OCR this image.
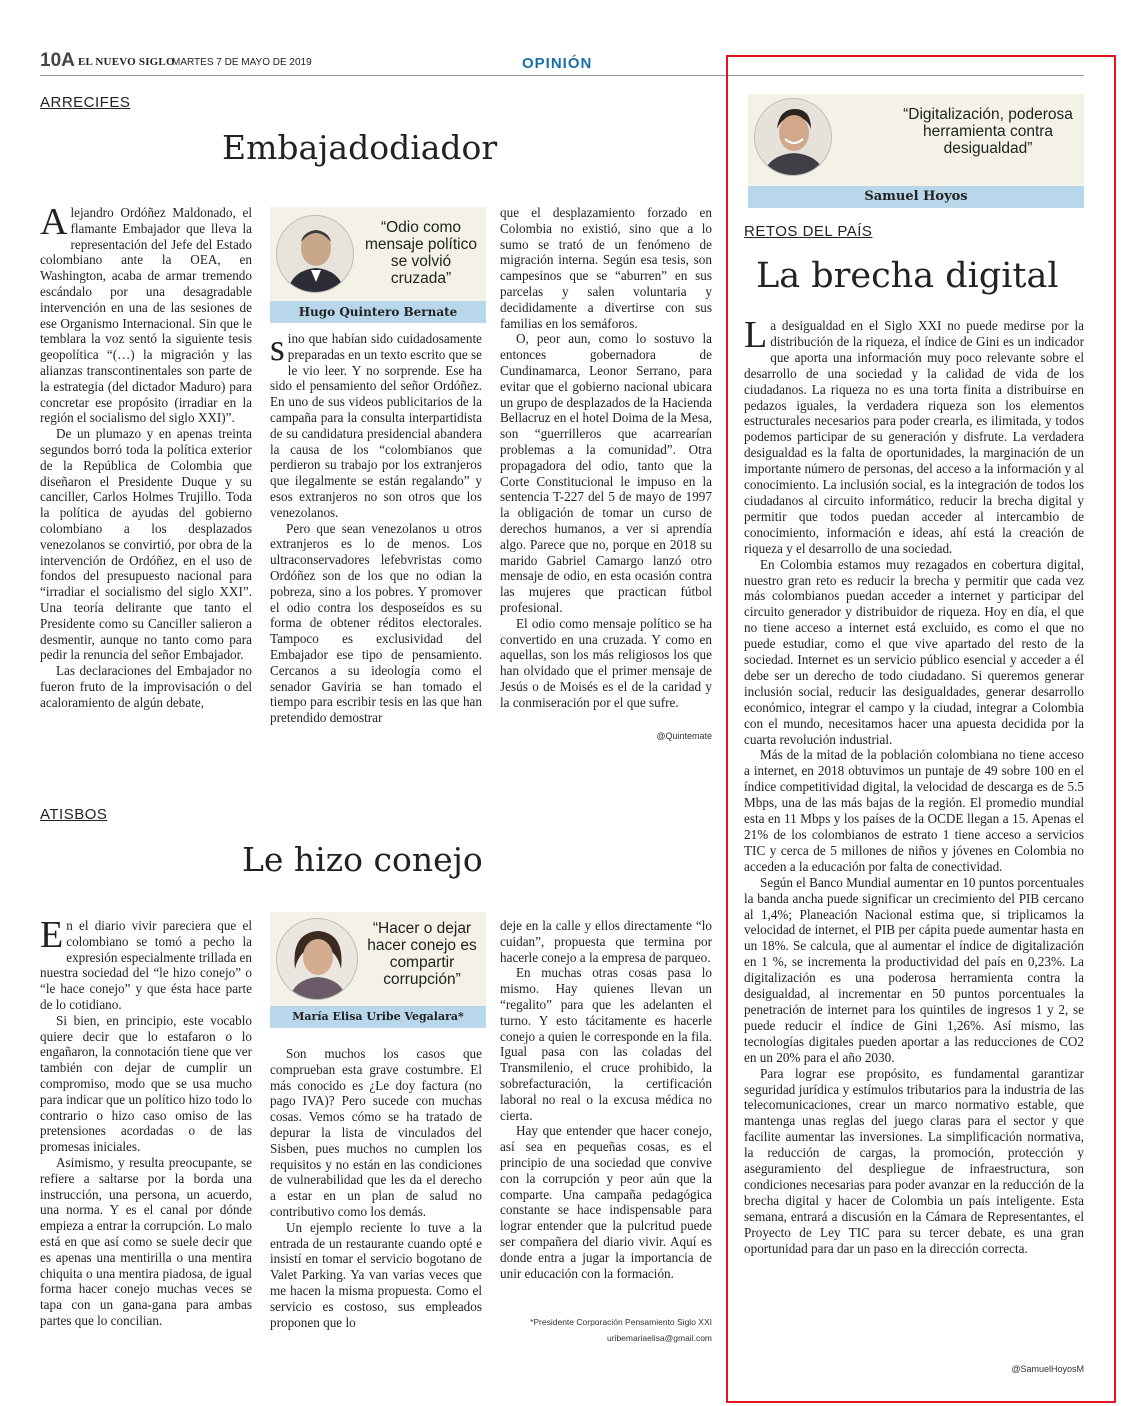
10A EL NUEVO SIGLO
MARTES 7 DE MAYO DE 2019	OPINIÓN
ARRECIFES
Embajadodiador

Alejandro Ordóñez Maldonado, el flamante Embajador que lleva la representación del Jefe del Estado colombiano ante la OEA, en Washington, acaba de armar tremendo escándalo por una desagradable intervención en una de las sesiones de ese Organismo Internacional. Sin que le temblara la voz sentó la siguiente tesis geopolítica “(…) la migración y las alianzas transcontinentales son parte de la estrategia (del dictador Maduro) para concretar ese propósito (irradiar en la región el socialismo del siglo XXI)”.

De un plumazo y en apenas treinta segundos borró toda la política exterior de la República de Colombia que diseñaron el Presidente Duque y su canciller, Carlos Holmes Trujillo. Toda la política de ayudas del gobierno colombiano a los desplazados venezolanos se convirtió, por obra de la intervención de Ordóñez, en el uso de fondos del presupuesto nacional para “irradiar el socialismo del siglo XXI”. Una teoría delirante que tanto el Presidente como su Canciller salieron a desmentir, aunque no tanto como para pedir la renuncia del señor Embajador.

Las declaraciones del Embajador no fueron fruto de la improvisación o del acaloramiento de algún debate,

“Odio como mensaje político se volvió cruzada”
Hugo Quintero Bernate

sino que habían sido cuidadosamente preparadas en un texto escrito que se le vio leer. Y no sorprende. Ese ha sido el pensamiento del señor Ordóñez. En uno de sus videos publicitarios de la campaña para la consulta interpartidista de su candidatura presidencial abandera la causa de los “colombianos que perdieron su trabajo por los extranjeros que ilegalmente se están regalando” y esos extranjeros no son otros que los venezolanos.

Pero que sean venezolanos u otros extranjeros es lo de menos. Los ultraconservadores lefebvristas como Ordóñez son de los que no odian la pobreza, sino a los pobres. Y promover el odio contra los desposeídos es su forma de obtener réditos electorales. Tampoco es exclusividad del Embajador ese tipo de pensamiento. Cercanos a su ideología como el senador Gaviria se han tomado el tiempo para escribir tesis en las que han pretendido demostrar

que el desplazamiento forzado en Colombia no existió, sino que a lo sumo se trató de un fenómeno de migración interna. Según esa tesis, son campesinos que se “aburren” en sus parcelas y salen voluntaria y decididamente a divertirse con sus familias en los semáforos.

O, peor aun, como lo sostuvo la entonces gobernadora de Cundinamarca, Leonor Serrano, para evitar que el gobierno nacional ubicara un grupo de desplazados de la Hacienda Bellacruz en el hotel Doima de la Mesa, son “guerrilleros que acarrearían problemas a la comunidad”. Otra propagadora del odio, tanto que la Corte Constitucional le impuso en la sentencia T-227 del 5 de mayo de 1997 la obligación de tomar un curso de derechos humanos, a ver si aprendía algo. Parece que no, porque en 2018 su marido Gabriel Camargo lanzó otro mensaje de odio, en esta ocasión contra las mujeres que practican fútbol profesional.

El odio como mensaje político se ha convertido en una cruzada. Y como en aquellas, son los más religiosos los que han olvidado que el primer mensaje de Jesús o de Moisés es el de la caridad y la conmiseración por el que sufre.

@Quintemate
ATISBOS
Le hizo conejo

En el diario vivir pareciera que el colombiano se tomó a pecho la expresión especialmente trillada en nuestra sociedad del “le hizo conejo” o “le hace conejo” y que ésta hace parte de lo cotidiano.

Si bien, en principio, este vocablo quiere decir que lo estafaron o lo engañaron, la connotación tiene que ver también con dejar de cumplir un compromiso, modo que se usa mucho para indicar que un político hizo todo lo contrario o hizo caso omiso de las pretensiones acordadas o de las promesas iniciales.

Asimismo, y resulta preocupante, se refiere a saltarse por la borda una instrucción, una persona, un acuerdo, una norma. Y es el canal por dónde empieza a entrar la corrupción. Lo malo está en que así como se suele decir que es apenas una mentirilla o una mentira chiquita o una mentira piadosa, de igual forma hacer conejo muchas veces se tapa con un gana-gana para ambas partes que lo concilian.

“Hacer o dejar hacer conejo es compartir corrupción”
María Elisa Uribe Vegalara*

Son muchos los casos que comprueban esta grave costumbre. El más conocido es ¿Le doy factura (no pago IVA)? Pero sucede con muchas cosas. Vemos cómo se ha tratado de depurar la lista de vinculados del Sisben, pues muchos no cumplen los requisitos y no están en las condiciones de vulnerabilidad que les da el derecho a estar en un plan de salud no contributivo como los demás.

Un ejemplo reciente lo tuve a la entrada de un restaurante cuando opté e insistí en tomar el servicio bogotano de Valet Parking. Ya van varias veces que me hacen la misma propuesta. Como el servicio es costoso, sus empleados proponen que lo

deje en la calle y ellos directamente “lo cuidan”, propuesta que termina por hacerle conejo a la empresa de parqueo.

En muchas otras cosas pasa lo mismo. Hay quienes llevan un “regalito” para que les adelanten el turno. Y esto tácitamente es hacerle conejo a quien le corresponde en la fila. Igual pasa con las coladas del Transmilenio, el cruce prohibido, la sobrefacturación, la certificación laboral no real o la excusa médica no cierta.

Hay que entender que hacer conejo, así sea en pequeñas cosas, es el principio de una sociedad que convive con la corrupción y peor aún que la comparte. Una campaña pedagógica constante se hace indispensable para lograr entender que la pulcritud puede ser compañera del diario vivir. Aquí es donde entra a jugar la importancia de unir educación con la formación.

*Presidente Corporación Pensamiento Siglo XXI
uribemariaelisa@gmail.com
“Digitalización, poderosa herramienta contra desigualdad”
Samuel Hoyos
RETOS DEL PAÍS
La brecha digital

La desigualdad en el Siglo XXI no puede medirse por la distribución de la riqueza, el índice de Gini es un indicador que aporta una información muy poco relevante sobre el desarrollo de una sociedad y la calidad de vida de los ciudadanos. La riqueza no es una torta finita a distribuirse en pedazos iguales, la verdadera riqueza son los elementos estructurales necesarios para poder crearla, es ilimitada, y todos podemos participar de su generación y disfrute. La verdadera desigualdad es la falta de oportunidades, la marginación de un importante número de personas, del acceso a la información y al conocimiento. La inclusión social, es la integración de todos los ciudadanos al circuito informático, reducir la brecha digital y permitir que todos puedan acceder al intercambio de conocimiento, información e ideas, ahí está la creación de riqueza y el desarrollo de una sociedad.

En Colombia estamos muy rezagados en cobertura digital, nuestro gran reto es reducir la brecha y permitir que cada vez más colombianos puedan acceder a internet y participar del circuito generador y distribuidor de riqueza. Hoy en día, el que no tiene acceso a internet está excluido, es como el que no puede estudiar, como el que vive apartado del resto de la sociedad. Internet es un servicio público esencial y acceder a él debe ser un derecho de todo ciudadano. Si queremos generar inclusión social, reducir las desigualdades, generar desarrollo económico, integrar el campo y la ciudad, integrar a Colombia con el mundo, necesitamos hacer una apuesta decidida por la cuarta revolución industrial.

Más de la mitad de la población colombiana no tiene acceso a internet, en 2018 obtuvimos un puntaje de 49 sobre 100 en el índice competitividad digital, la velocidad de descarga es de 5.5 Mbps, una de las más bajas de la región. El promedio mundial esta en 11 Mbps y los países de la OCDE llegan a 15. Apenas el 21% de los colombianos de estrato 1 tiene acceso a servicios TIC y cerca de 5 millones de niños y jóvenes en Colombia no acceden a la educación por falta de conectividad.

Según el Banco Mundial aumentar en 10 puntos porcentuales la banda ancha puede significar un crecimiento del PIB cercano al 1,4%; Planeación Nacional estima que, si triplicamos la velocidad de internet, el PIB per cápita puede aumentar hasta en un 18%. Se calcula, que al aumentar el índice de digitalización en 1 %, se incrementa la productividad del país en 0,23%. La digitalización es una poderosa herramienta contra la desigualdad, al incrementar en 50 puntos porcentuales la penetración de internet para los quintiles de ingresos 1 y 2, se puede reducir el índice de Gini 1,26%. Así mismo, las tecnologías digitales pueden aportar a las reducciones de CO2 en un 20% para el año 2030.

Para lograr ese propósito, es fundamental garantizar seguridad jurídica y estímulos tributarios para la industria de las telecomunicaciones, crear un marco normativo estable, que mantenga unas reglas del juego claras para el sector y que facilite aumentar las inversiones. La simplificación normativa, la reducción de cargas, la promoción, protección y aseguramiento del despliegue de infraestructura, son condiciones necesarias para poder avanzar en la reducción de la brecha digital y hacer de Colombia un país inteligente. Esta semana, entrará a discusión en la Cámara de Representantes, el Proyecto de Ley TIC para su tercer debate, es una gran oportunidad para dar un paso en la dirección correcta.

@SamuelHoyosM
